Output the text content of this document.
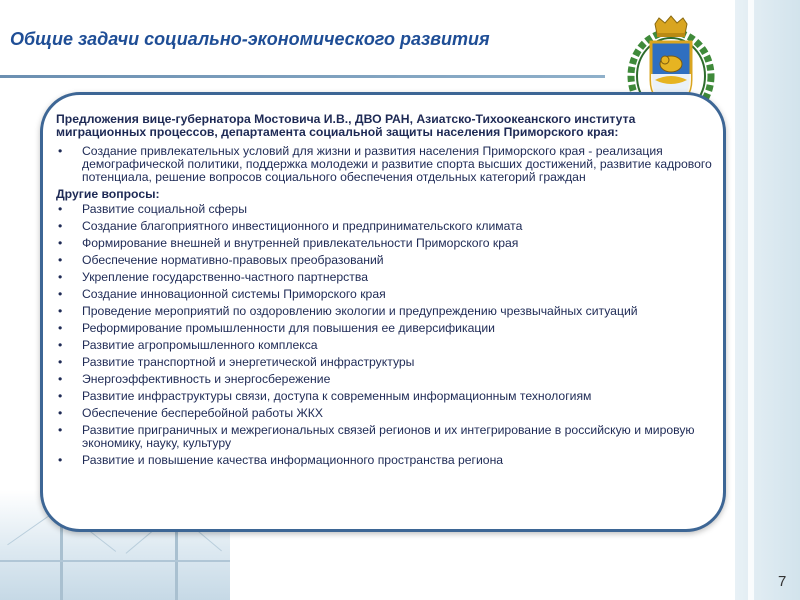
Общие задачи социально-экономического развития

Предложения вице-губернатора Мостовича И.В., ДВО РАН, Азиатско-Тихоокеанского института миграционных процессов, департамента социальной защиты населения Приморского края:

• Создание привлекательных условий для жизни и развития населения Приморского края - реализация демографической политики, поддержка молодежи и развитие спорта высших достижений, развитие кадрового потенциала, решение вопросов социального обеспечения отдельных категорий граждан

Другие вопросы:

• Развитие социальной сферы
• Создание благоприятного инвестиционного и предпринимательского климата
• Формирование внешней и внутренней привлекательности Приморского края
• Обеспечение нормативно-правовых преобразований
• Укрепление государственно-частного партнерства
• Создание инновационной системы Приморского края
• Проведение мероприятий по оздоровлению экологии и предупреждению чрезвычайных ситуаций
• Реформирование промышленности для повышения ее диверсификации
• Развитие агропромышленного комплекса
• Развитие транспортной и энергетической инфраструктуры
• Энергоэффективность и энергосбережение
• Развитие инфраструктуры связи, доступа к современным информационным технологиям
• Обеспечение бесперебойной работы ЖКХ
• Развитие приграничных и межрегиональных связей регионов и их интегрирование в российскую и мировую экономику, науку, культуру
• Развитие и повышение качества информационного пространства региона
7
